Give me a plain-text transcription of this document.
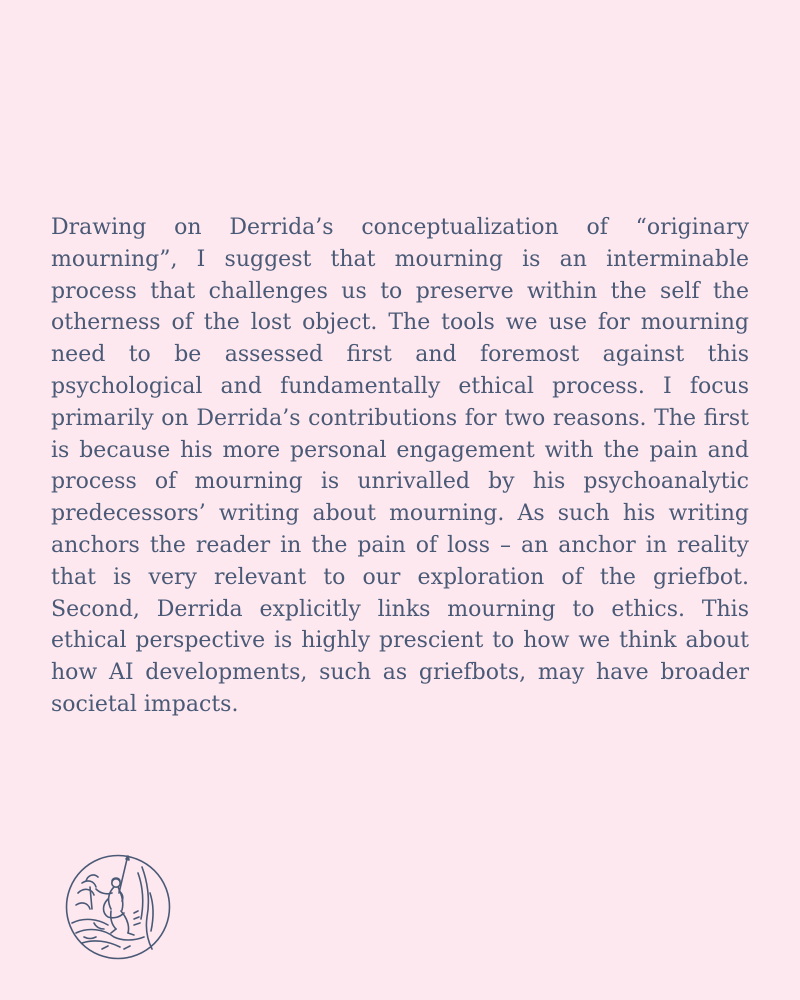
Drawing on Derrida’s conceptualization of “originary mourning”, I suggest that mourning is an interminable process that challenges us to preserve within the self the otherness of the lost object. The tools we use for mourning need to be assessed first and foremost against this psychological and fundamentally ethical process. I focus primarily on Derrida’s contributions for two reasons. The first is because his more personal engagement with the pain and process of mourning is unrivalled by his psychoanalytic predecessors’ writing about mourning. As such his writing anchors the reader in the pain of loss – an anchor in reality that is very relevant to our exploration of the griefbot. Second, Derrida explicitly links mourning to ethics. This ethical perspective is highly prescient to how we think about how AI developments, such as griefbots, may have broader societal impacts.
